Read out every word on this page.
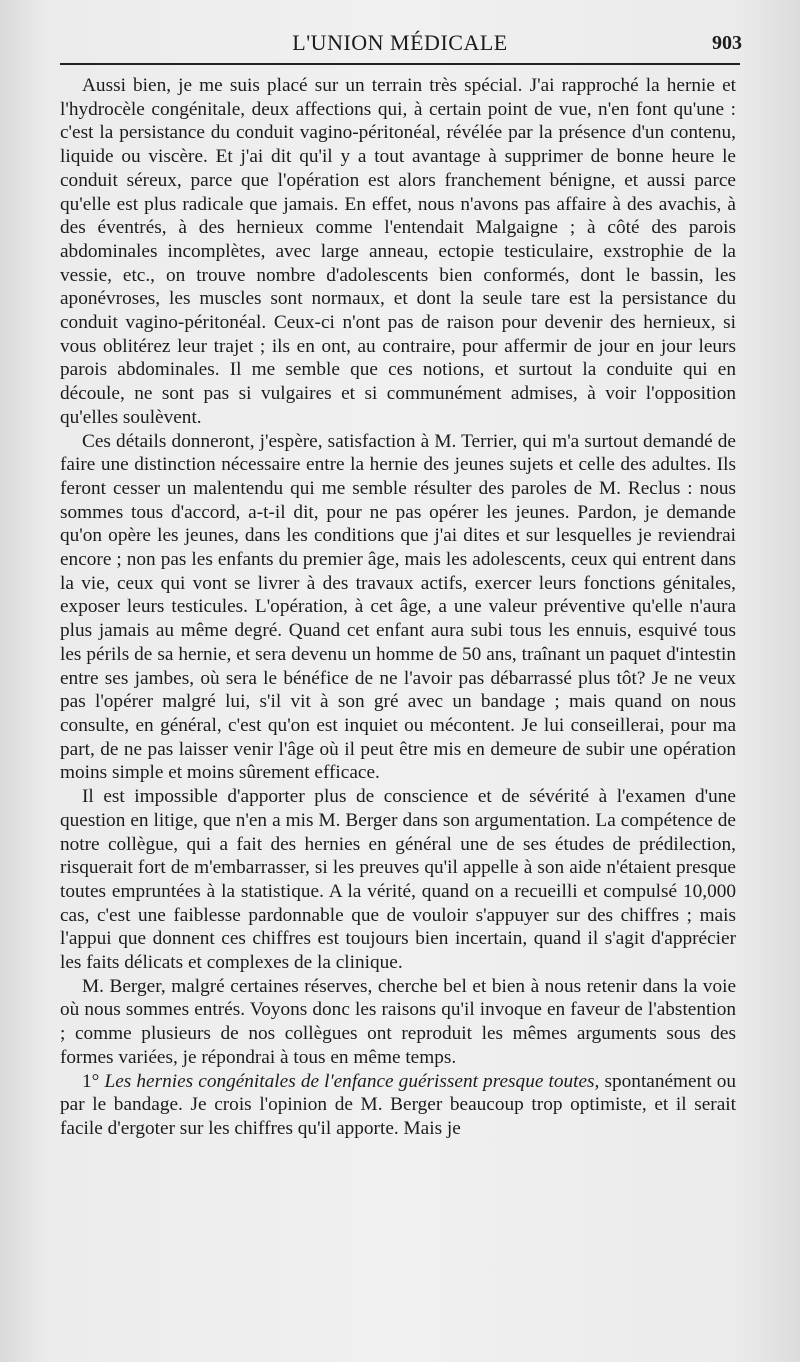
L'UNION MÉDICALE	903

Aussi bien, je me suis placé sur un terrain très spécial. J'ai rapproché la hernie et l'hydrocèle congénitale, deux affections qui, à certain point de vue, n'en font qu'une : c'est la persistance du conduit vagino-péritonéal, révélée par la présence d'un contenu, liquide ou viscère. Et j'ai dit qu'il y a tout avantage à supprimer de bonne heure le conduit séreux, parce que l'opération est alors franchement bénigne, et aussi parce qu'elle est plus radicale que jamais. En effet, nous n'avons pas affaire à des avachis, à des éventrés, à des hernieux comme l'entendait Malgaigne ; à côté des parois abdominales incomplètes, avec large anneau, ectopie testiculaire, exstrophie de la vessie, etc., on trouve nombre d'adolescents bien conformés, dont le bassin, les aponévroses, les muscles sont normaux, et dont la seule tare est la persistance du conduit vagino-péritonéal. Ceux-ci n'ont pas de raison pour devenir des hernieux, si vous oblitérez leur trajet ; ils en ont, au contraire, pour affermir de jour en jour leurs parois abdominales. Il me semble que ces notions, et surtout la conduite qui en découle, ne sont pas si vulgaires et si communément admises, à voir l'opposition qu'elles soulèvent.

Ces détails donneront, j'espère, satisfaction à M. Terrier, qui m'a surtout demandé de faire une distinction nécessaire entre la hernie des jeunes sujets et celle des adultes. Ils feront cesser un malentendu qui me semble résulter des paroles de M. Reclus : nous sommes tous d'accord, a-t-il dit, pour ne pas opérer les jeunes. Pardon, je demande qu'on opère les jeunes, dans les conditions que j'ai dites et sur lesquelles je reviendrai encore ; non pas les enfants du premier âge, mais les adolescents, ceux qui entrent dans la vie, ceux qui vont se livrer à des travaux actifs, exercer leurs fonctions génitales, exposer leurs testicules. L'opération, à cet âge, a une valeur préventive qu'elle n'aura plus jamais au même degré. Quand cet enfant aura subi tous les ennuis, esquivé tous les périls de sa hernie, et sera devenu un homme de 50 ans, traînant un paquet d'intestin entre ses jambes, où sera le bénéfice de ne l'avoir pas débarrassé plus tôt? Je ne veux pas l'opérer malgré lui, s'il vit à son gré avec un bandage ; mais quand on nous consulte, en général, c'est qu'on est inquiet ou mécontent. Je lui conseillerai, pour ma part, de ne pas laisser venir l'âge où il peut être mis en demeure de subir une opération moins simple et moins sûrement efficace.

Il est impossible d'apporter plus de conscience et de sévérité à l'examen d'une question en litige, que n'en a mis M. Berger dans son argumentation. La compétence de notre collègue, qui a fait des hernies en général une de ses études de prédilection, risquerait fort de m'embarrasser, si les preuves qu'il appelle à son aide n'étaient presque toutes empruntées à la statistique. A la vérité, quand on a recueilli et compulsé 10,000 cas, c'est une faiblesse pardonnable que de vouloir s'appuyer sur des chiffres ; mais l'appui que donnent ces chiffres est toujours bien incertain, quand il s'agit d'apprécier les faits délicats et complexes de la clinique.

M. Berger, malgré certaines réserves, cherche bel et bien à nous retenir dans la voie où nous sommes entrés. Voyons donc les raisons qu'il invoque en faveur de l'abstention ; comme plusieurs de nos collègues ont reproduit les mêmes arguments sous des formes variées, je répondrai à tous en même temps.

1° Les hernies congénitales de l'enfance guérissent presque toutes, spontanément ou par le bandage. Je crois l'opinion de M. Berger beaucoup trop optimiste, et il serait facile d'ergoter sur les chiffres qu'il apporte. Mais je
